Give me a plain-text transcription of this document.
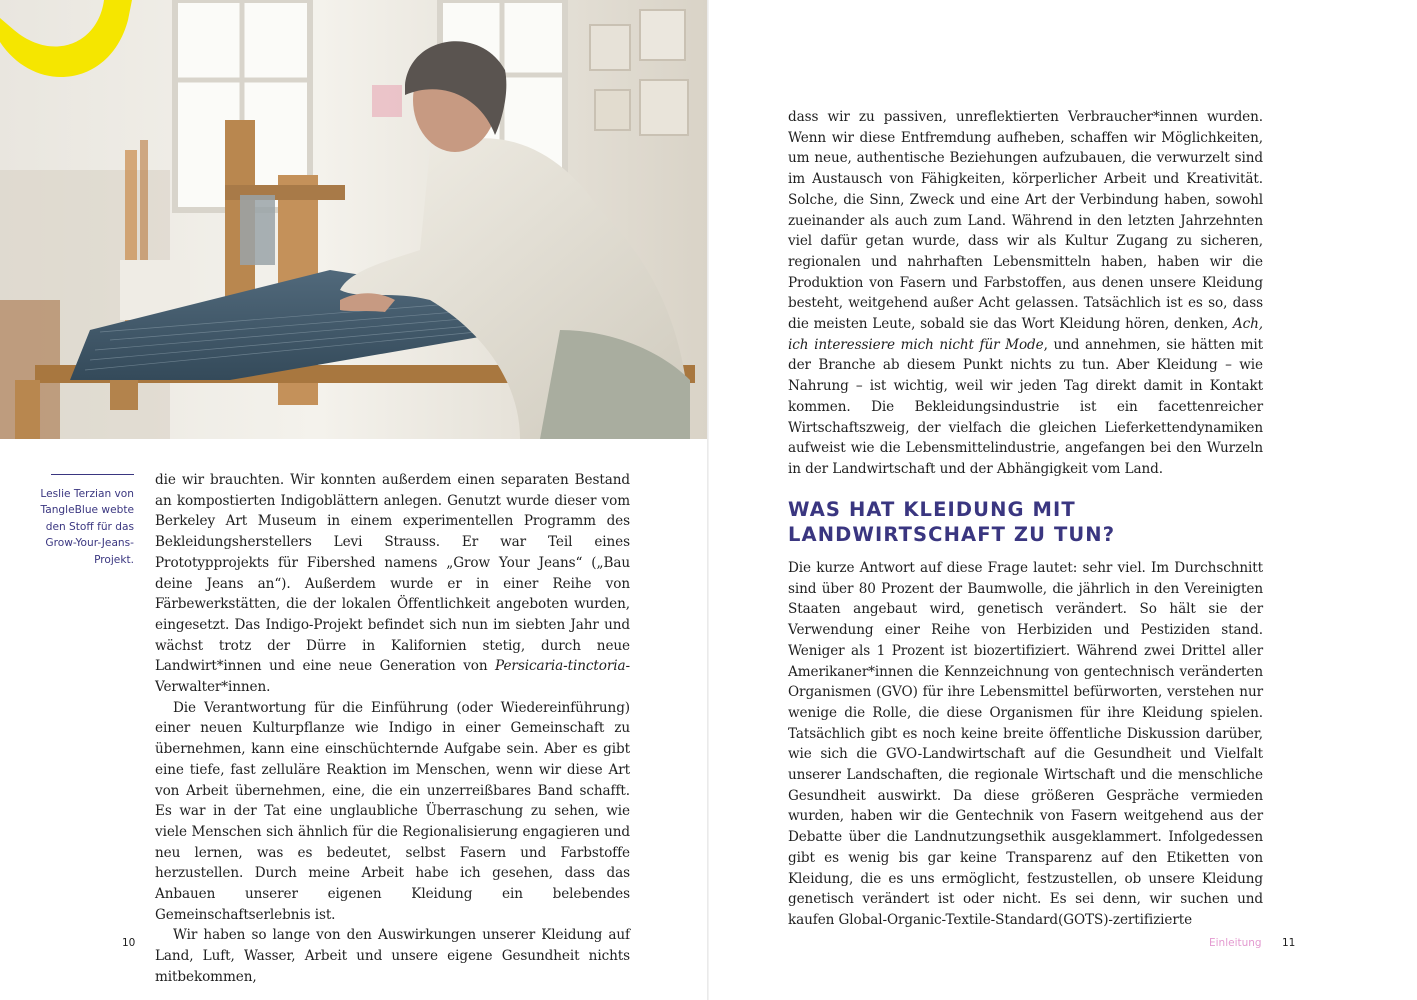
Leslie Terzian von TangleBlue webte den Stoff für das Grow-Your-Jeans-Projekt.

die wir brauchten. Wir konnten außerdem einen separaten Bestand an kompostierten Indigoblättern anlegen. Genutzt wurde dieser vom Berkeley Art Museum in einem experimentellen Programm des Bekleidungsherstellers Levi Strauss. Er war Teil eines Prototypprojekts für Fibershed namens „Grow Your Jeans“ („Bau deine Jeans an“). Außerdem wurde er in einer Reihe von Färbewerkstätten, die der lokalen Öffentlichkeit angeboten wurden, eingesetzt. Das Indigo-Projekt befindet sich nun im siebten Jahr und wächst trotz der Dürre in Kalifornien stetig, durch neue Landwirt*innen und eine neue Generation von Persicaria-tinctoria-Verwalter*innen.

Die Verantwortung für die Einführung (oder Wiedereinführung) einer neuen Kulturpflanze wie Indigo in einer Gemeinschaft zu übernehmen, kann eine einschüchternde Aufgabe sein. Aber es gibt eine tiefe, fast zelluläre Reaktion im Menschen, wenn wir diese Art von Arbeit übernehmen, eine, die ein unzerreißbares Band schafft. Es war in der Tat eine unglaubliche Überraschung zu sehen, wie viele Menschen sich ähnlich für die Regionalisierung engagieren und neu lernen, was es bedeutet, selbst Fasern und Farbstoffe herzustellen. Durch meine Arbeit habe ich gesehen, dass das Anbauen unserer eigenen Kleidung ein belebendes Gemeinschaftserlebnis ist.

Wir haben so lange von den Auswirkungen unserer Kleidung auf Land, Luft, Wasser, Arbeit und unsere eigene Gesundheit nichts mitbekommen,

10

dass wir zu passiven, unreflektierten Verbraucher*innen wurden. Wenn wir diese Entfremdung aufheben, schaffen wir Möglichkeiten, um neue, authentische Beziehungen aufzubauen, die verwurzelt sind im Austausch von Fähigkeiten, körperlicher Arbeit und Kreativität. Solche, die Sinn, Zweck und eine Art der Verbindung haben, sowohl zueinander als auch zum Land. Während in den letzten Jahrzehnten viel dafür getan wurde, dass wir als Kultur Zugang zu sicheren, regionalen und nahrhaften Lebensmitteln haben, haben wir die Produktion von Fasern und Farbstoffen, aus denen unsere Kleidung besteht, weitgehend außer Acht gelassen. Tatsächlich ist es so, dass die meisten Leute, sobald sie das Wort Kleidung hören, denken, Ach, ich interessiere mich nicht für Mode, und annehmen, sie hätten mit der Branche ab diesem Punkt nichts zu tun. Aber Kleidung – wie Nahrung – ist wichtig, weil wir jeden Tag direkt damit in Kontakt kommen. Die Bekleidungsindustrie ist ein facettenreicher Wirtschaftszweig, der vielfach die gleichen Lieferkettendynamiken aufweist wie die Lebensmittelindustrie, angefangen bei den Wurzeln in der Landwirtschaft und der Abhängigkeit vom Land.

WAS HAT KLEIDUNG MIT LANDWIRTSCHAFT ZU TUN?

Die kurze Antwort auf diese Frage lautet: sehr viel. Im Durchschnitt sind über 80 Prozent der Baumwolle, die jährlich in den Vereinigten Staaten angebaut wird, genetisch verändert. So hält sie der Verwendung einer Reihe von Herbiziden und Pestiziden stand. Weniger als 1 Prozent ist biozertifiziert. Während zwei Drittel aller Amerikaner*innen die Kennzeichnung von gentechnisch veränderten Organismen (GVO) für ihre Lebensmittel befürworten, verstehen nur wenige die Rolle, die diese Organismen für ihre Kleidung spielen. Tatsächlich gibt es noch keine breite öffentliche Diskussion darüber, wie sich die GVO-Landwirtschaft auf die Gesundheit und Vielfalt unserer Landschaften, die regionale Wirtschaft und die menschliche Gesundheit auswirkt. Da diese größeren Gespräche vermieden wurden, haben wir die Gentechnik von Fasern weitgehend aus der Debatte über die Landnutzungsethik ausgeklammert. Infolgedessen gibt es wenig bis gar keine Transparenz auf den Etiketten von Kleidung, die es uns ermöglicht, festzustellen, ob unsere Kleidung genetisch verändert ist oder nicht. Es sei denn, wir suchen und kaufen Global-Organic-Textile-Standard(GOTS)-zertifizierte

Einleitung 11
